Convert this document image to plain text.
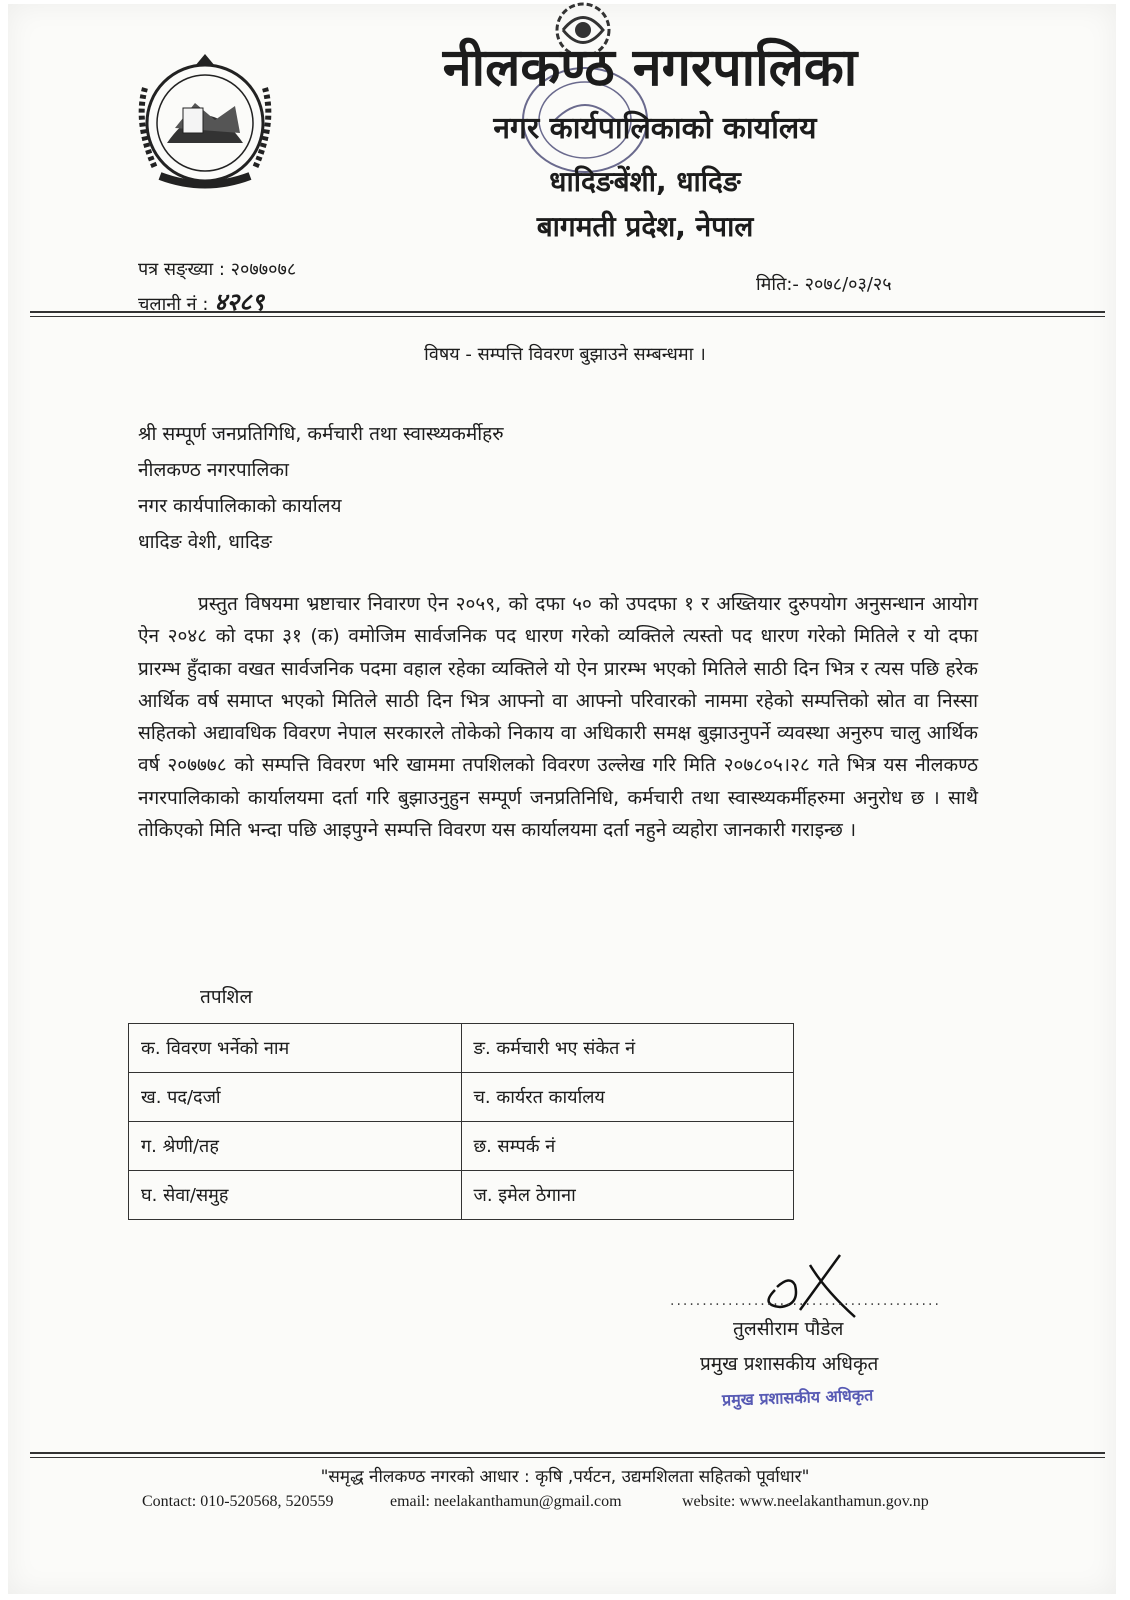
नीलकण्ठ नगरपालिका
नगर कार्यपालिकाको कार्यालय
धादिङबेंशी, धादिङ
बागमती प्रदेश, नेपाल
पत्र सङ्ख्या : २०७७०७८
चलानी नं : ४२८९
मिति:- २०७८/०३/२५
विषय - सम्पत्ति विवरण बुझाउने सम्बन्धमा ।
श्री सम्पूर्ण जनप्रतिगिधि, कर्मचारी तथा स्वास्थ्यकर्मीहरु
नीलकण्ठ नगरपालिका
नगर कार्यपालिकाको कार्यालय
धादिङ वेशी, धादिङ
प्रस्तुत विषयमा भ्रष्टाचार निवारण ऐन २०५९, को दफा ५० को उपदफा १ र अख्तियार दुरुपयोग अनुसन्धान आयोग ऐन २०४८ को दफा ३१ (क) वमोजिम सार्वजनिक पद धारण गरेको व्यक्तिले त्यस्तो पद धारण गरेको मितिले र यो दफा प्रारम्भ हुँदाका वखत सार्वजनिक पदमा वहाल रहेका व्यक्तिले यो ऐन प्रारम्भ भएको मितिले साठी दिन भित्र र त्यस पछि हरेक आर्थिक वर्ष समाप्त भएको मितिले साठी दिन भित्र आफ्नो वा आफ्नो परिवारको नाममा रहेको सम्पत्तिको स्रोत वा निस्सा सहितको अद्यावधिक विवरण नेपाल सरकारले तोकेको निकाय वा अधिकारी समक्ष बुझाउनुपर्ने व्यवस्था अनुरुप चालु आर्थिक वर्ष २०७७७८ को सम्पत्ति विवरण भरि खाममा तपशिलको विवरण उल्लेख गरि मिति २०७८०५।२८ गते भित्र यस नीलकण्ठ नगरपालिकाको कार्यालयमा दर्ता गरि बुझाउनुहुन सम्पूर्ण जनप्रतिनिधि, कर्मचारी तथा स्वास्थ्यकर्मीहरुमा अनुरोध छ । साथै तोकिएको मिति भन्दा पछि आइपुग्ने सम्पत्ति विवरण यस कार्यालयमा दर्ता नहुने व्यहोरा जानकारी गराइन्छ ।
तपशिल
क. विवरण भर्नेको नाम	ङ. कर्मचारी भए संकेत नं
ख. पद/दर्जा	च. कार्यरत कार्यालय
ग. श्रेणी/तह	छ. सम्पर्क नं
घ. सेवा/समुह	ज. इमेल ठेगाना
..........................................
तुलसीराम पौडेल
प्रमुख प्रशासकीय अधिकृत
प्रमुख प्रशासकीय अधिकृत
"समृद्ध नीलकण्ठ नगरको आधार : कृषि ,पर्यटन, उद्यमशिलता सहितको पूर्वाधार"
Contact: 010-520568, 520559	email: neelakanthamun@gmail.com	website: www.neelakanthamun.gov.np
